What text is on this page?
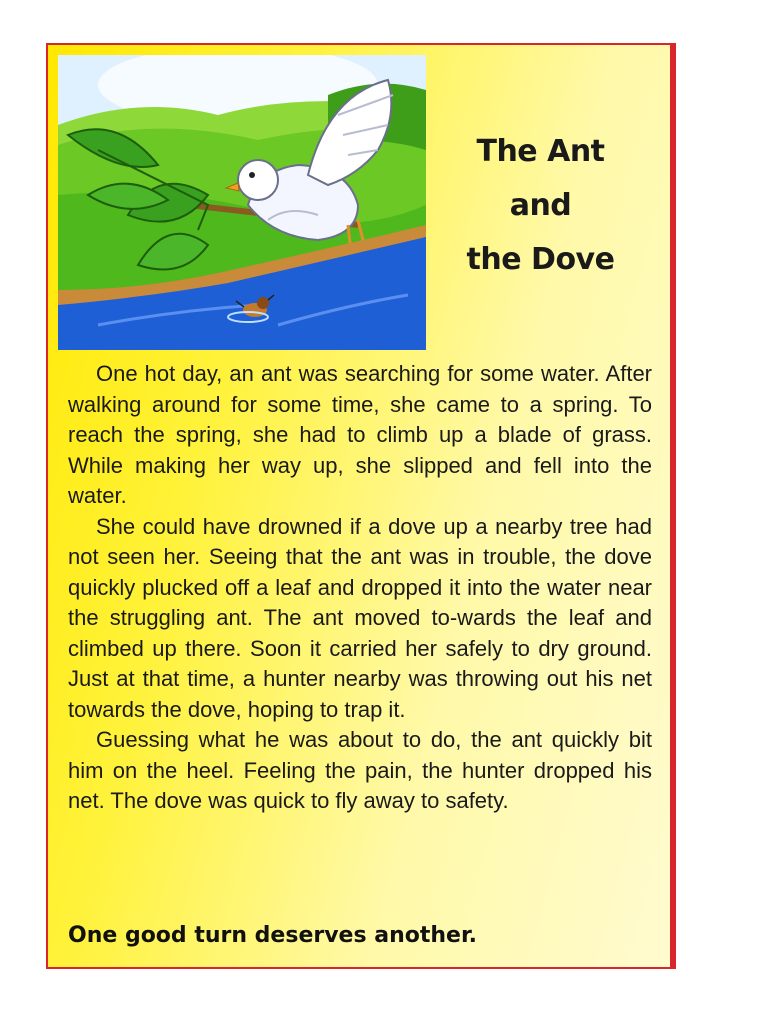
The Ant
and
the Dove

One hot day, an ant was searching for some water. After walking around for some time, she came to a spring. To reach the spring, she had to climb up a blade of grass. While making her way up, she slipped and fell into the water.

She could have drowned if a dove up a nearby tree had not seen her. Seeing that the ant was in trouble, the dove quickly plucked off a leaf and dropped it into the water near the struggling ant. The ant moved to-wards the leaf and climbed up there. Soon it carried her safely to dry ground. Just at that time, a hunter nearby was throwing out his net towards the dove, hoping to trap it.

Guessing what he was about to do, the ant quickly bit him on the heel. Feeling the pain, the hunter dropped his net. The dove was quick to fly away to safety.

One good turn deserves another.
